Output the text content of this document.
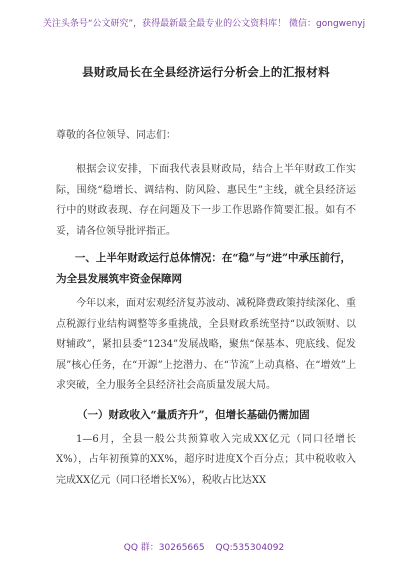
关注头条号“公文研究”，获得最新最全最专业的公文资料库！ 微信：gongwenyj
县财政局长在全县经济运行分析会上的汇报材料
尊敬的各位领导、同志们：

根据会议安排，下面我代表县财政局，结合上半年财政工作实际，围绕“稳增长、调结构、防风险、惠民生”主线，就全县经济运行中的财政表现、存在问题及下一步工作思路作简要汇报。如有不妥，请各位领导批评指正。

一、上半年财政运行总体情况：在“稳”与“进”中承压前行，为全县发展筑牢资金保障网

今年以来，面对宏观经济复苏波动、减税降费政策持续深化、重点税源行业结构调整等多重挑战，全县财政系统坚持“以政领财、以财辅政”，紧扣县委“1234”发展战略，聚焦“保基本、兜底线、促发展”核心任务，在“开源”上挖潜力、在“节流”上动真格、在“增效”上求突破，全力服务全县经济社会高质量发展大局。

（一）财政收入“量质齐升”，但增长基础仍需加固

1—6月，全县一般公共预算收入完成XX亿元（同口径增长X%），占年初预算的XX%，超序时进度X个百分点；其中税收收入完成XX亿元（同口径增长X%），税收占比达XX

QQ 群：30265665 QQ:535304092
